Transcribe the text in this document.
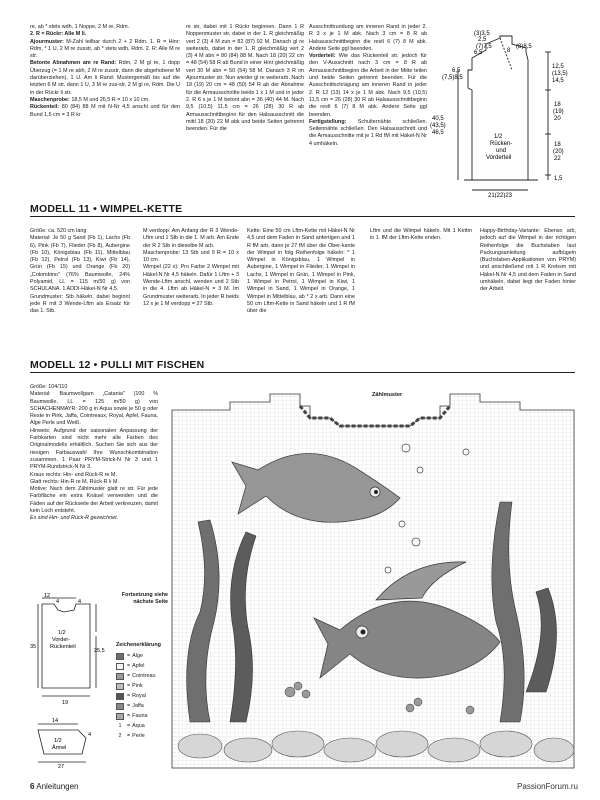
re, ab * stets wdh, 1 Noppe, 2 M re, Rdm.

2. R = Rückr: Alle M li.

Ajourmuster: M-Zahl teilbar durch 2 + 2 Rdm. 1. R = Hinr: Rdm, * 1 U, 2 M re zusstr, ab * stets wdh, Rdm. 2. R: Alle M re str.

Betonte Abnahmen am re Rand: Rdm, 2 M gl re, 1 dopp Überzug (= 1 M re abh, 2 M re zusstr, dann die abgehobene M darüberziehen), 1 U. Am li Rand: Mustergemäß bis auf die letzten 6 M str, dann 1 U, 3 M re zus-str, 2 M gl re, Rdm. Die U in der Rückr li str.

Maschenprobe: 18,5 M und 26,5 R = 10 x 10 cm.

Rückenteil: 80 (84) 88 M mit N-Nr 4,5 anschl und für den Bund 1,5 cm = 3 R kr

re str, dabei mit 1 Rückr beginnen. Dann 1 R Noppenmuster str, dabei in der 1. R gleichmäßig vert 2 (3) 4 M zun = 82 (87) 92 M. Danach gl re weiterarb, dabei in der 1. R gleichmäßig vert 2 (3) 4 M abn = 80 (84) 88 M. Nach 18 (20) 22 cm = 48 (54) 58 R ab Bund in einer Hinr gleichmäßig vert 30 M abn = 50 (54) 58 M. Danach 3 R im Ajourmuster str. Nun wieder gl re weiterarb. Nach 18 (19) 20 cm = 48 (50) 54 R ab der Abnahme für die Armausschnitte beids 1 x 1 M und in jeder 2. R 6 x je 1 M betont abn = 36 (40) 44 M. Nach 9,5 (10,5) 11,5 cm = 26 (28) 30 R ab Armausschnittbeginn für den Halsausschnitt die mittl 18 (20) 22 M abk und beide Seiten getrennt beenden. Für die

Ausschnittrundung am inneren Rand in jeder 2. R 3 x je 1 M abk. Nach 3 cm = 8 R ab Halsausschnittbeginn die restl 6 (7) 8 M abk. Andere Seite ggl beenden.

Vorderteil: Wie das Rückenteil str, jedoch für den V-Ausschnitt nach 3 cm = 8 R ab Armausschnittbeginn die Arbeit in der Mitte teilen und beide Seiten getrennt beenden. Für die Ausschnittschrägung am inneren Rand in jeder 2. R 12 (13) 14 x je 1 M abk. Nach 9,5 (10,5) 11,5 cm = 26 (28) 30 R ab Halsausschnittbeginn die restl 6 (7) 8 M abk. Andere Seite ggl beenden.

Fertigstellung: Schulternähte schließen. Seitennähte schließen. Den Halsausschnitt und die Armausschnitte mit je 1 Rd fM mit Häkel-N Nr 4 umhäkeln.

(3)3,5
2,5
(7)7,5
6,5	8
(8)8,5
6,5
(7,5)8,5
12,5
(13,5)
14,5
18
(19)
20
18
(20)
22
1,5
40,5
(43,5)
46,5
1/2
Rücken-
und
Vorderteil
21(22)23
MODELL 11 • WIMPEL-KETTE
Größe: ca. 520 cm lang
Material: Je 50 g Sand (Fb 1), Lachs (Fb 6), Pink (Fb 7), Flieder (Fb 8), Aubergine (Fb 10), Königsblau (Fb 11), Mittelblau (Fb 12), Petrol (Fb 13), Kiwi (Fb 14), Grün (Fb 15) und Orange (Fb 20) „Cotombino" (76% Baumwolle, 24% Polyamid, LL = 115 m/50 g) von SCHULANA. 1 ADDI-Häkel-N Nr 4,5.
Grundmuster: Stb häkeln, dabei beginnt jede R mit 3 Wende-Lftm als Ersatz für das 1. Stb.
M verdopp: Am Anfang der R 3 Wende-Lftm und 1 Stb in die 1. M arb. Am Ende der R 2 Stb in dieselbe M arb.
Maschenprobe: 13 Stb und 9 R = 10 x 10 cm.
Wimpel (22 x): Pro Farbe 2 Wimpel mit Häkel-N Nr 4,5 häkeln. Dafür 1 Lftm + 3 Wende-Lftm anschl, wenden und 2 Stb in die 4. Lftm ab Häkel-N = 3 M. Im Grundmuster weiterarb. In jeder R beids 12 x je 1 M verdopp = 27 Stb.
Kette: Eine 50 cm Lftm-Kette mit Häkel-N Nr 4,5 und dem Faden in Sand anfertigen und 1 R fM arb, dann je 27 fM über die Ober-kante der Wimpel in folg Reihenfolge häkeln: * 1 Wimpel in Königsblau, 1 Wimpel in Aubergine, 1 Wimpel in Flieder, 1 Wimpel in Lachs, 1 Wimpel in Grün, 1 Wimpel in Pink, 1 Wimpel in Petrol, 1 Wimpel in Kiwi, 1 Wimpel in Sand, 1 Wimpel in Orange, 1 Wimpel in Mittelblau, ab * 2 x arb. Dann eine 50 cm Lftm-Kette in Sand häkeln und 1 R fM über die
Lftm und die Wimpel häkeln. Mit 1 Kettm in 1. fM der Lftm-Kette enden.
Happy-Birthday-Variante: Ebenso arb, jedoch auf die Wimpel in der richtigen Reihenfolge die Buchstaben laut Packungsanleitung aufbügeln (Buchstaben-Applikationen von PRYM) und anschließend mit 1 R Krebsm mit Häkel-N Nr 4,5 und dem Faden in Sand umhäkeln, dabei liegt der Faden hinter der Arbeit.
MODELL 12 • PULLI MIT FISCHEN
Größe: 104/110
Material: Baumwollgarn „Catania" (100 % Baumwolle, LL = 125 m/50 g) von SCHACHENMAYR: 200 g in Aqua sowie je 50 g oder Reste in Pink, Jaffa, Cointreaux, Royal, Apfel, Fauna, Alge Perle und Weiß.
Hinweis: Aufgrund der saisonalen Anpassung der Farbkarten sind nicht mehr alle Farben des Originalmodells erhältlich. Suchen Sie sich aus der riesigen Farbauswahl Ihre Wunschkombination zusammen. 1 Paar PRYM-Strick-N Nr 3 und 1 PRYM-Rundstrick-N Nr 3.
Kraus rechts: Hin- und Rück-R re M.
Glatt rechts: Hin-R re M, Rück-R li M.
Motive: Nach dem Zählmuster glatt re str. Für jede Farbfläche ein extra Knäuel verwenden und die Fäden auf der Rückseite der Arbeit verkreuzen, damit kein Loch entsteht.
Es sind Hin- und Rück-R gezeichnet.
12
4	4
1/2
Vorder-
Rückenteil
25,5
35
19
14
4
1/2
Ärmel
27
Fortsetzung siehe nächste Seite
Zeichenerklärung
= Alge
= Apfel
= Cointreau
= Pink
= Royal
= Jaffa
= Fauna
1	= Aqua
2	= Perle
Zählmuster
6 Anleitungen	PassionForum.ru
